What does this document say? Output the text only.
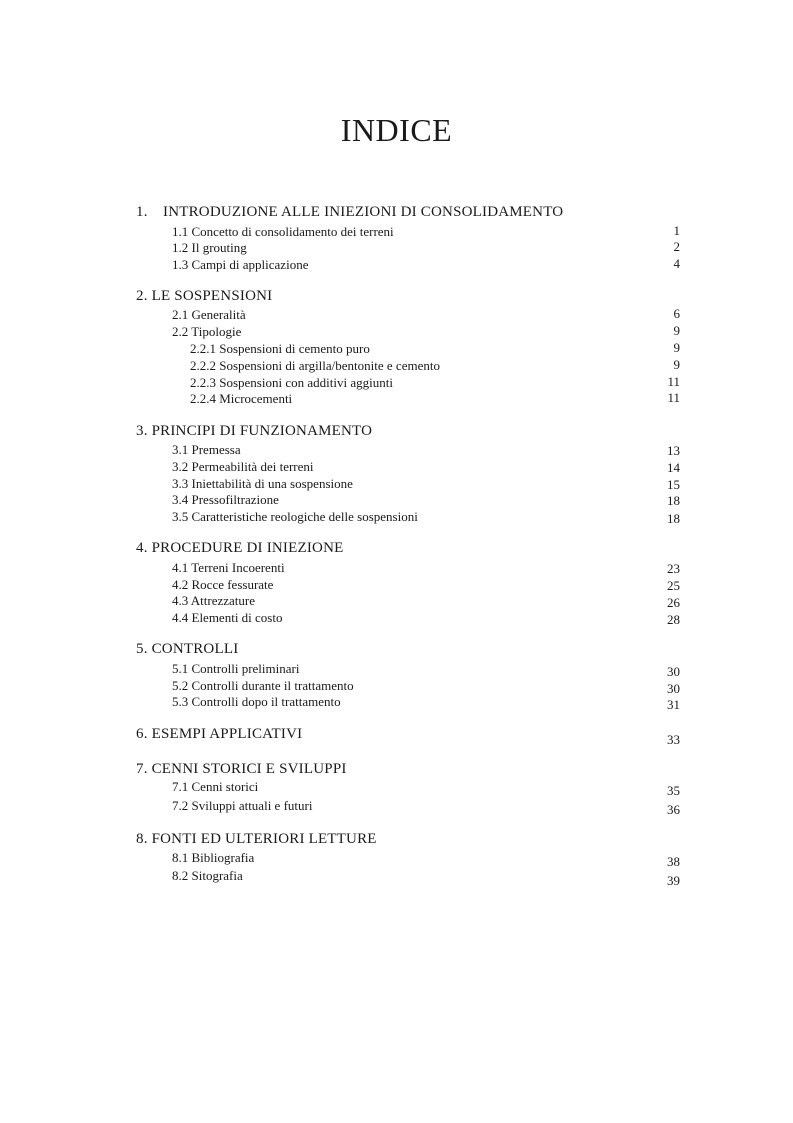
INDICE
1. INTRODUZIONE ALLE INIEZIONI DI CONSOLIDAMENTO
1.1 Concetto di consolidamento dei terreni	1
1.2 Il grouting	2
1.3 Campi di applicazione	4
2. LE SOSPENSIONI
2.1 Generalità	6
2.2 Tipologie	9
2.2.1 Sospensioni di cemento puro	9
2.2.2 Sospensioni di argilla/bentonite e cemento	9
2.2.3 Sospensioni con additivi aggiunti	11
2.2.4 Microcementi	11
3. PRINCIPI DI FUNZIONAMENTO
3.1 Premessa	13
3.2 Permeabilità dei terreni	14
3.3 Iniettabilità di una sospensione	15
3.4 Pressofiltrazione	18
3.5 Caratteristiche reologiche delle sospensioni	18
4. PROCEDURE DI INIEZIONE
4.1 Terreni Incoerenti	23
4.2 Rocce fessurate	25
4.3 Attrezzature	26
4.4 Elementi di costo	28
5. CONTROLLI
5.1 Controlli preliminari	30
5.2 Controlli durante il trattamento	30
5.3 Controlli dopo il trattamento	31
6. ESEMPI APPLICATIVI	33
7. CENNI STORICI E SVILUPPI
7.1 Cenni storici	35
7.2 Sviluppi attuali e futuri	36
8. FONTI ED ULTERIORI LETTURE
8.1 Bibliografia	38
8.2 Sitografia	39
